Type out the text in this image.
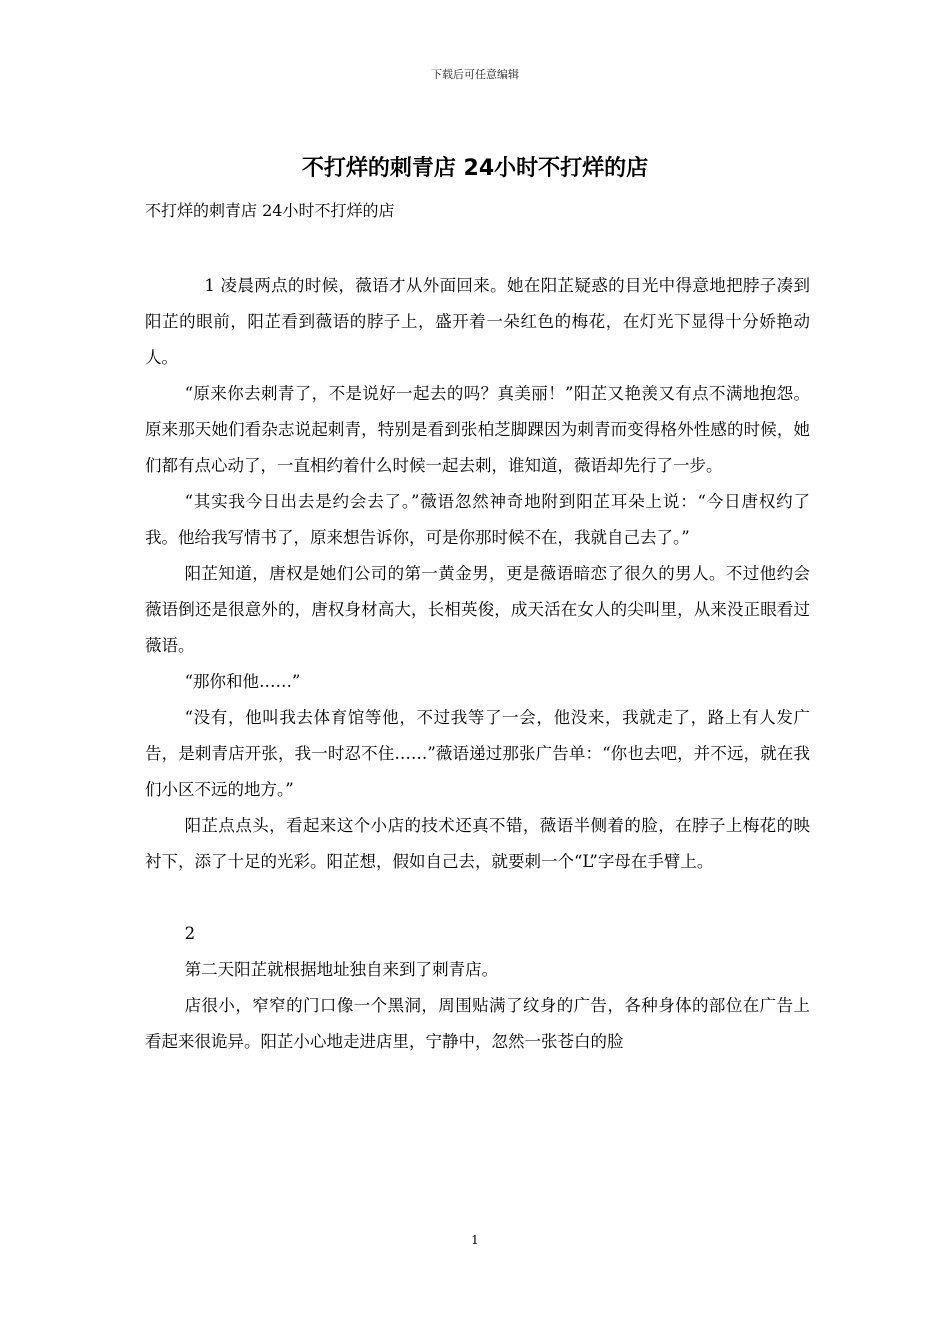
下载后可任意编辑
不打烊的刺青店 24小时不打烊的店
不打烊的刺青店 24小时不打烊的店

1 凌晨两点的时候，薇语才从外面回来。她在阳芷疑惑的目光中得意地把脖子凑到阳芷的眼前，阳芷看到薇语的脖子上，盛开着一朵红色的梅花，在灯光下显得十分娇艳动人。

“原来你去刺青了，不是说好一起去的吗？真美丽！”阳芷又艳羡又有点不满地抱怨。原来那天她们看杂志说起刺青，特别是看到张柏芝脚踝因为刺青而变得格外性感的时候，她们都有点心动了，一直相约着什么时候一起去刺，谁知道，薇语却先行了一步。

“其实我今日出去是约会去了。”薇语忽然神奇地附到阳芷耳朵上说：“今日唐权约了我。他给我写情书了，原来想告诉你，可是你那时候不在，我就自己去了。”

阳芷知道，唐权是她们公司的第一黄金男，更是薇语暗恋了很久的男人。不过他约会薇语倒还是很意外的，唐权身材高大，长相英俊，成天活在女人的尖叫里，从来没正眼看过薇语。

“那你和他……”

“没有，他叫我去体育馆等他，不过我等了一会，他没来，我就走了，路上有人发广告，是刺青店开张，我一时忍不住……”薇语递过那张广告单：“你也去吧，并不远，就在我们小区不远的地方。”

阳芷点点头，看起来这个小店的技术还真不错，薇语半侧着的脸，在脖子上梅花的映衬下，添了十足的光彩。阳芷想，假如自己去，就要刺一个“L”字母在手臂上。

2

第二天阳芷就根据地址独自来到了刺青店。

店很小，窄窄的门口像一个黑洞，周围贴满了纹身的广告，各种身体的部位在广告上看起来很诡异。阳芷小心地走进店里，宁静中，忽然一张苍白的脸

1
